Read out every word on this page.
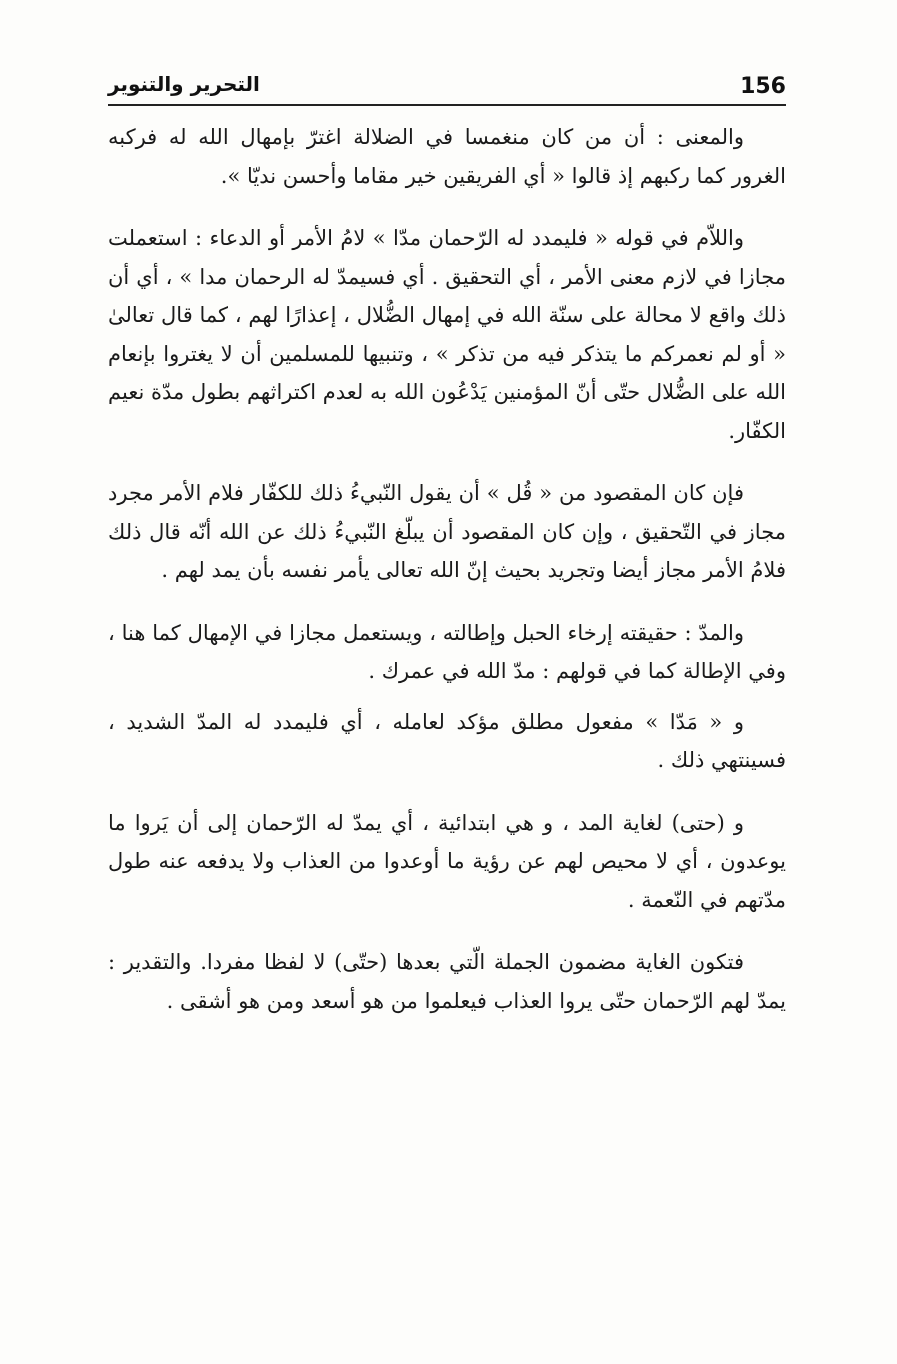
156
التحرير والتنوير

والمعنى : أن من كان منغمسا في الضلالة اغترّ بإمهال الله له فركبه الغرور كما ركبهم إذ قالوا « أي الفريقين خير مقاما وأحسن نديّا ».

واللاّم في قوله « فليمدد له الرّحمان مدّا » لامُ الأمر أو الدعاء : استعملت مجازا في لازم معنى الأمر ، أي التحقيق . أي فسيمدّ له الرحمان مدا » ، أي أن ذلك واقع لا محالة على سنّة الله في إمهال الضُّلال ، إعذارًا لهم ، كما قال تعالىٰ « أو لم نعمركم ما يتذكر فيه من تذكر » ، وتنبيها للمسلمين أن لا يغتروا بإنعام الله على الضُّلال حتّى أنّ المؤمنين يَدْعُون الله به لعدم اكتراثهم بطول مدّة نعيم الكفّار.

فإن كان المقصود من « قُل » أن يقول النّبيءُ ذلك للكفّار فلام الأمر مجرد مجاز في التّحقيق ، وإن كان المقصود أن يبلّغ النّبيءُ ذلك عن الله أنّه قال ذلك فلامُ الأمر مجاز أيضا وتجريد بحيث إنّ الله تعالى يأمر نفسه بأن يمد لهم .

والمدّ : حقيقته إرخاء الحبل وإطالته ، ويستعمل مجازا في الإمهال كما هنا ، وفي الإطالة كما في قولهم : مدّ الله في عمرك .

و « مَدّا » مفعول مطلق مؤكد لعامله ، أي فليمدد له المدّ الشديد ، فسينتهي ذلك .

و (حتى) لغاية المد ، و هي ابتدائية ، أي يمدّ له الرّحمان إلى أن يَروا ما يوعدون ، أي لا محيص لهم عن رؤية ما أوعدوا من العذاب ولا يدفعه عنه طول مدّتهم في النّعمة .

فتكون الغاية مضمون الجملة الّتي بعدها (حتّى) لا لفظا مفردا. والتقدير : يمدّ لهم الرّحمان حتّى يروا العذاب فيعلموا من هو أسعد ومن هو أشقى .
